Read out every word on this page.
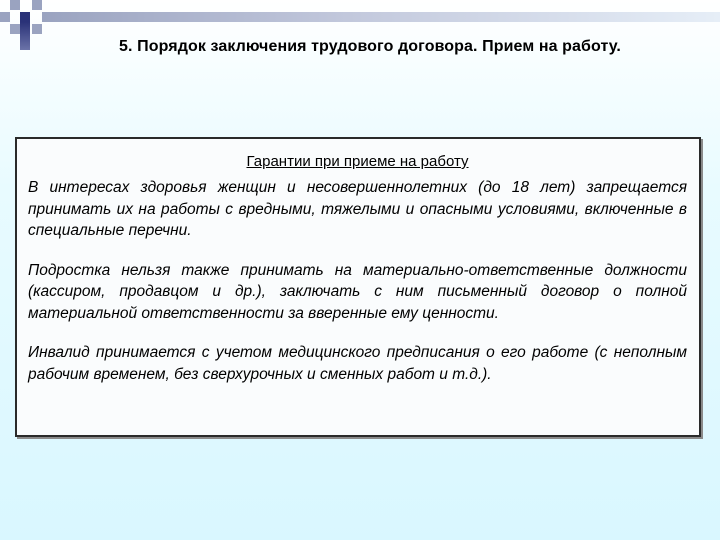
5. Порядок заключения трудового договора. Прием на работу.

Гарантии при приеме на работу

В интересах здоровья женщин и несовершеннолетних (до 18 лет) запрещается принимать их на работы с вредными, тяжелыми и опасными условиями, включенные в специальные перечни.

Подростка нельзя также принимать на материально-ответственные должности (кассиром, продавцом и др.), заключать с ним письменный договор о полной материальной ответственности за вверенные ему ценности.

Инвалид принимается с учетом медицинского предписания о его работе (с неполным рабочим временем, без сверхурочных и сменных работ и т.д.).
